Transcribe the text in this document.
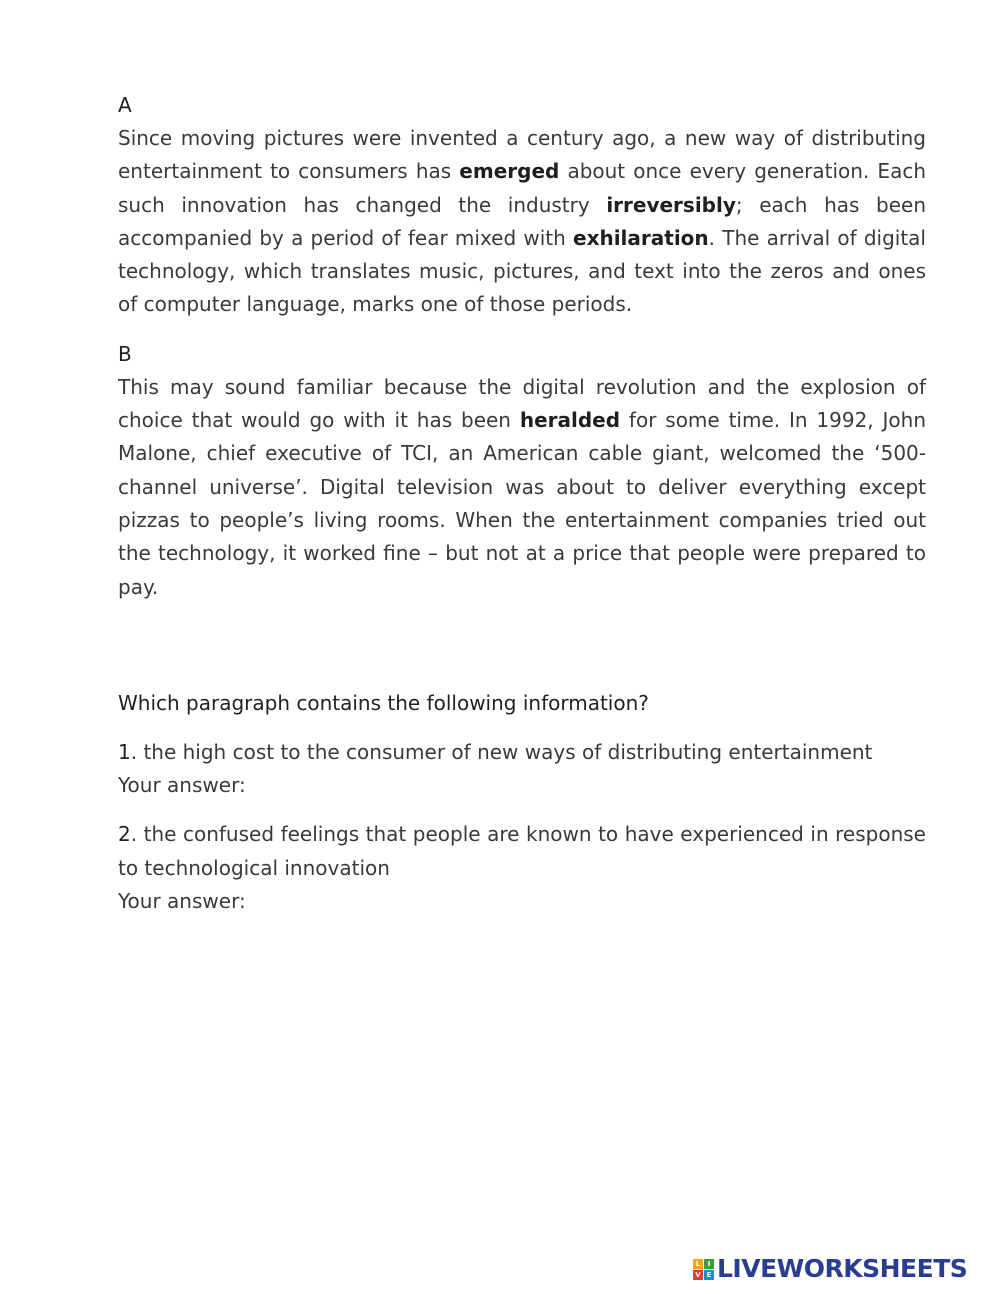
A

Since moving pictures were invented a century ago, a new way of distributing entertainment to consumers has emerged about once every generation. Each such innovation has changed the industry irreversibly; each has been accompanied by a period of fear mixed with exhilaration. The arrival of digital technology, which translates music, pictures, and text into the zeros and ones of computer language, marks one of those periods.

B

This may sound familiar because the digital revolution and the explosion of choice that would go with it has been heralded for some time. In 1992, John Malone, chief executive of TCI, an American cable giant, welcomed the ‘500-channel universe’. Digital television was about to deliver everything except pizzas to people’s living rooms. When the entertainment companies tried out the technology, it worked fine – but not at a price that people were prepared to pay.

Which paragraph contains the following information?

1. the high cost to the consumer of new ways of distributing entertainment

Your answer:

2. the confused feelings that people are known to have experienced in response to technological innovation

Your answer:
L	I
V E LIVEWORKSHEETS
